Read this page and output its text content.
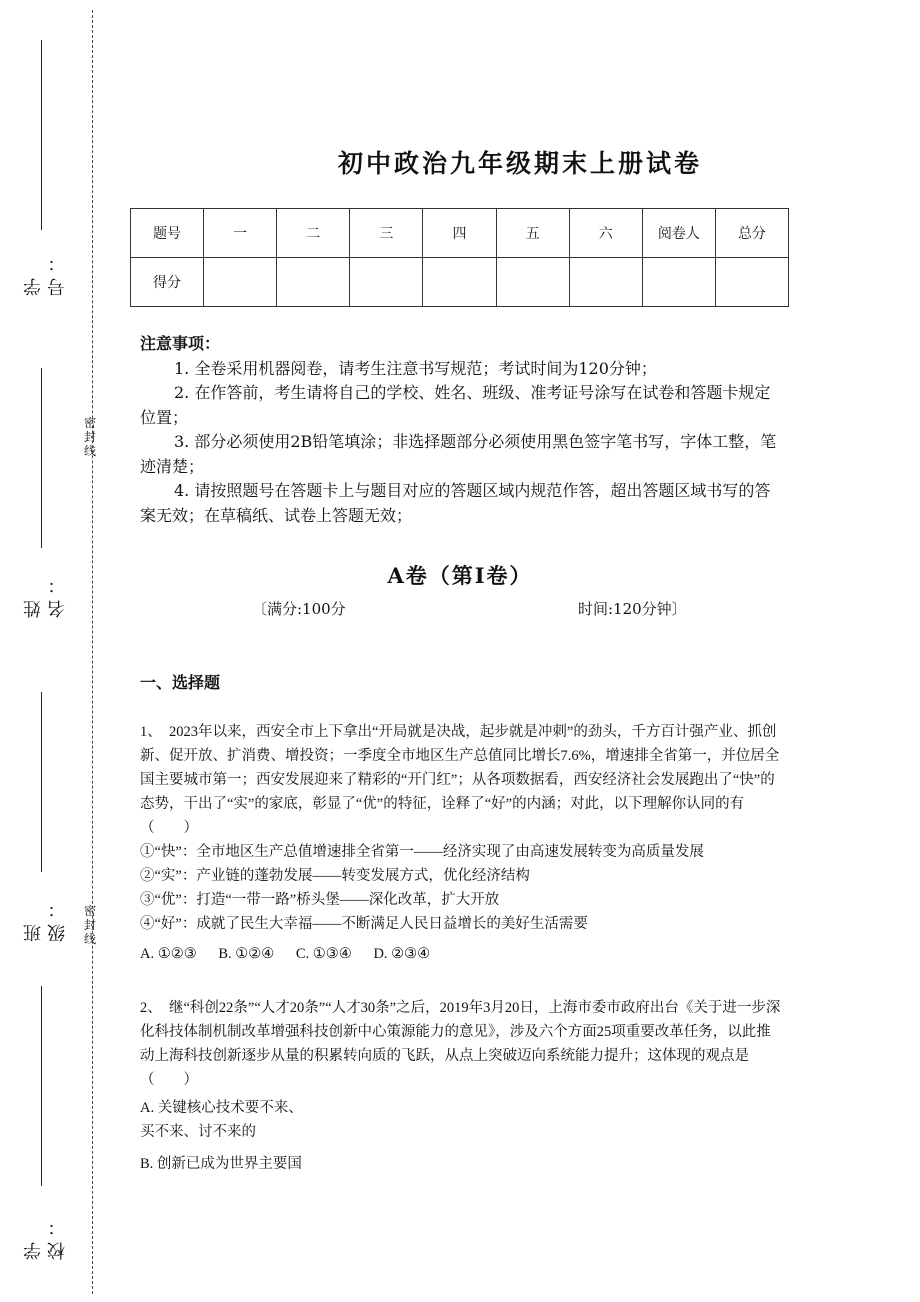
学号：
姓名：
班级：
学校：
密封线
密封线
初中政治九年级期末上册试卷
题号	一	二	三	四	五	六	阅卷人	总分
得分								
注意事项：

1. 全卷采用机器阅卷，请考生注意书写规范；考试时间为120分钟；

2. 在作答前，考生请将自己的学校、姓名、班级、准考证号涂写在试卷和答题卡规定位置；

3. 部分必须使用2B铅笔填涂；非选择题部分必须使用黑色签字笔书写，字体工整，笔迹清楚；

4. 请按照题号在答题卡上与题目对应的答题区域内规范作答，超出答题区域书写的答案无效；在草稿纸、试卷上答题无效；

A卷（第I卷）
〔满分:100分	时间:120分钟〕
一、选择题

1、　2023年以来，西安全市上下拿出“开局就是决战，起步就是冲刺”的劲头，千方百计强产业、抓创新、促开放、扩消费、增投资；一季度全市地区生产总值同比增长7.6%，增速排全省第一，并位居全国主要城市第一；西安发展迎来了精彩的“开门红”；从各项数据看，西安经济社会发展跑出了“快”的态势，干出了“实”的家底，彰显了“优”的特征，诠释了“好”的内涵；对此，以下理解你认同的有（　　）

①“快”：全市地区生产总值增速排全省第一——经济实现了由高速发展转变为高质量发展

②“实”：产业链的蓬勃发展——转变发展方式，优化经济结构

③“优”：打造“一带一路”桥头堡——深化改革，扩大开放

④“好”：成就了民生大幸福——不断满足人民日益增长的美好生活需要

A. ①②③ B. ①②④ C. ①③④ D. ②③④

2、　继“科创22条”“人才20条”“人才30条”之后，2019年3月20日，上海市委市政府出台《关于进一步深化科技体制机制改革增强科技创新中心策源能力的意见》，涉及六个方面25项重要改革任务，以此推动上海科技创新逐步从量的积累转向质的飞跃，从点上突破迈向系统能力提升；这体现的观点是（　　）

A. 关键核心技术要不来、

买不来、讨不来的

B. 创新已成为世界主要国
